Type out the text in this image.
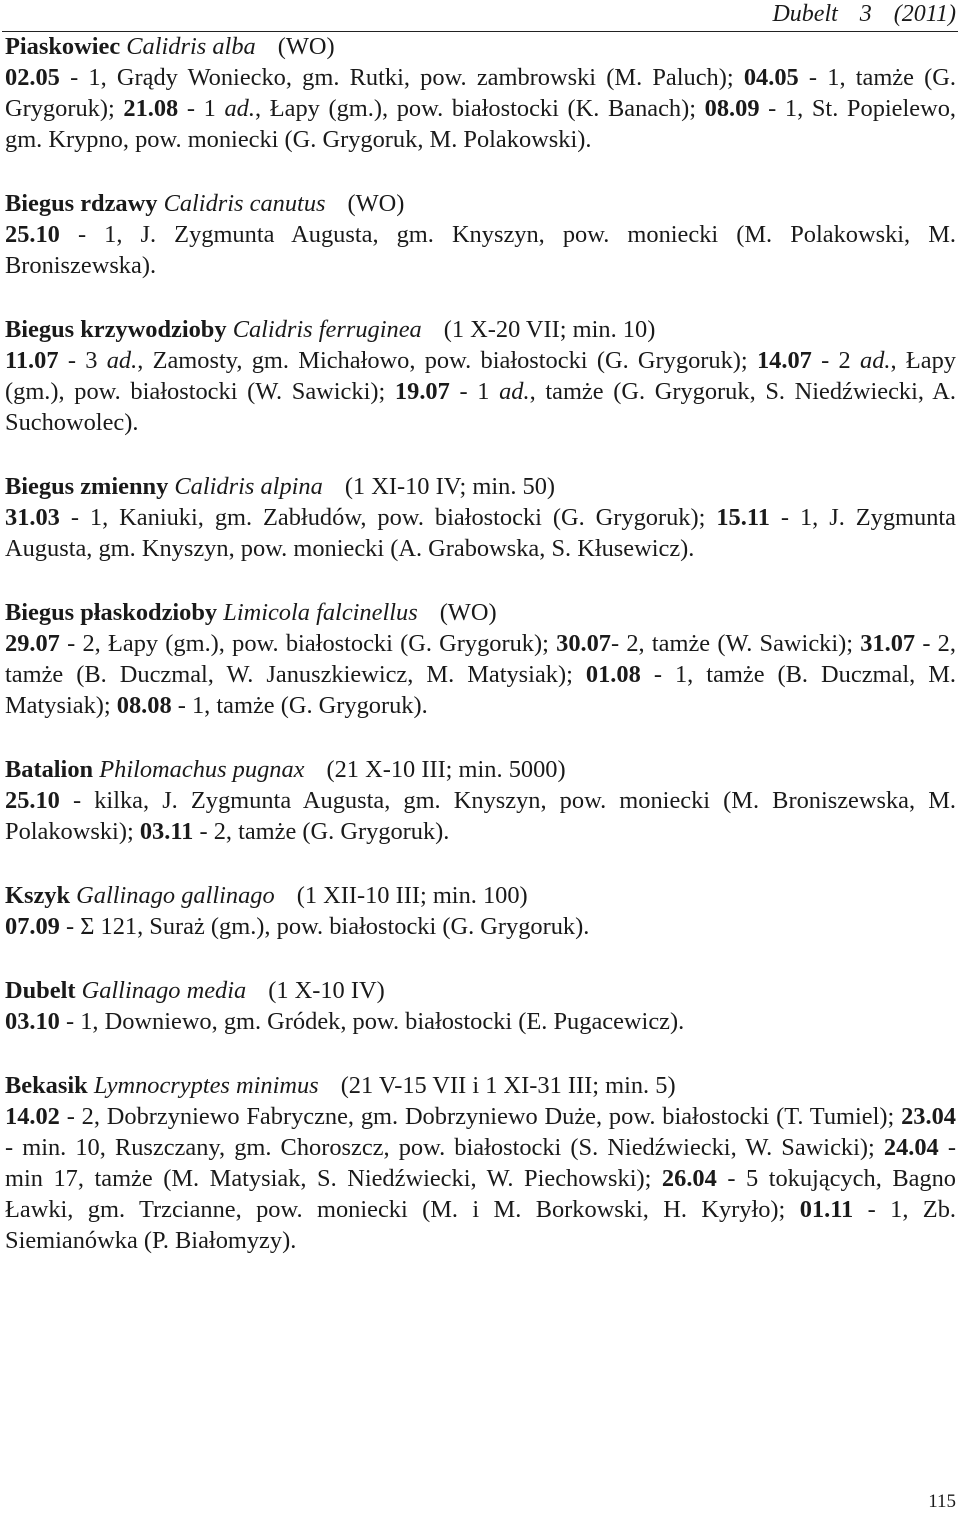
Dubelt 3 (2011)
Piaskowiec Calidris alba (WO)
02.05 - 1, Grądy Woniecko, gm. Rutki, pow. zambrowski (M. Paluch); 04.05 - 1, tamże (G. Grygoruk); 21.08 - 1 ad., Łapy (gm.), pow. białostocki (K. Banach); 08.09 - 1, St. Popielewo, gm. Krypno, pow. moniecki (G. Grygoruk, M. Polakowski).
Biegus rdzawy Calidris canutus (WO)
25.10 - 1, J. Zygmunta Augusta, gm. Knyszyn, pow. moniecki (M. Polakowski, M. Broniszewska).
Biegus krzywodzioby Calidris ferruginea (1 X-20 VII; min. 10)
11.07 - 3 ad., Zamosty, gm. Michałowo, pow. białostocki (G. Grygoruk); 14.07 - 2 ad., Łapy (gm.), pow. białostocki (W. Sawicki); 19.07 - 1 ad., tamże (G. Grygoruk, S. Niedźwiecki, A. Suchowolec).
Biegus zmienny Calidris alpina (1 XI-10 IV; min. 50)
31.03 - 1, Kaniuki, gm. Zabłudów, pow. białostocki (G. Grygoruk); 15.11 - 1, J. Zygmunta Augusta, gm. Knyszyn, pow. moniecki (A. Grabowska, S. Kłusewicz).
Biegus płaskodzioby Limicola falcinellus (WO)
29.07 - 2, Łapy (gm.), pow. białostocki (G. Grygoruk); 30.07- 2, tamże (W. Sawicki); 31.07 - 2, tamże (B. Duczmal, W. Januszkiewicz, M. Matysiak); 01.08 - 1, tamże (B. Duczmal, M. Matysiak); 08.08 - 1, tamże (G. Grygoruk).
Batalion Philomachus pugnax (21 X-10 III; min. 5000)
25.10 - kilka, J. Zygmunta Augusta, gm. Knyszyn, pow. moniecki (M. Broniszewska, M. Polakowski); 03.11 - 2, tamże (G. Grygoruk).
Kszyk Gallinago gallinago (1 XII-10 III; min. 100)
07.09 - Σ 121, Suraż (gm.), pow. białostocki (G. Grygoruk).
Dubelt Gallinago media (1 X-10 IV)
03.10 - 1, Downiewo, gm. Gródek, pow. białostocki (E. Pugacewicz).
Bekasik Lymnocryptes minimus (21 V-15 VII i 1 XI-31 III; min. 5)
14.02 - 2, Dobrzyniewo Fabryczne, gm. Dobrzyniewo Duże, pow. białostocki (T. Tumiel); 23.04 - min. 10, Ruszczany, gm. Choroszcz, pow. białostocki (S. Niedźwiecki, W. Sawicki); 24.04 - min 17, tamże (M. Matysiak, S. Niedźwiecki, W. Piechowski); 26.04 - 5 tokujących, Bagno Ławki, gm. Trzcianne, pow. moniecki (M. i M. Borkowski, H. Kyryło); 01.11 - 1, Zb. Siemianówka (P. Białomyzy).
115
